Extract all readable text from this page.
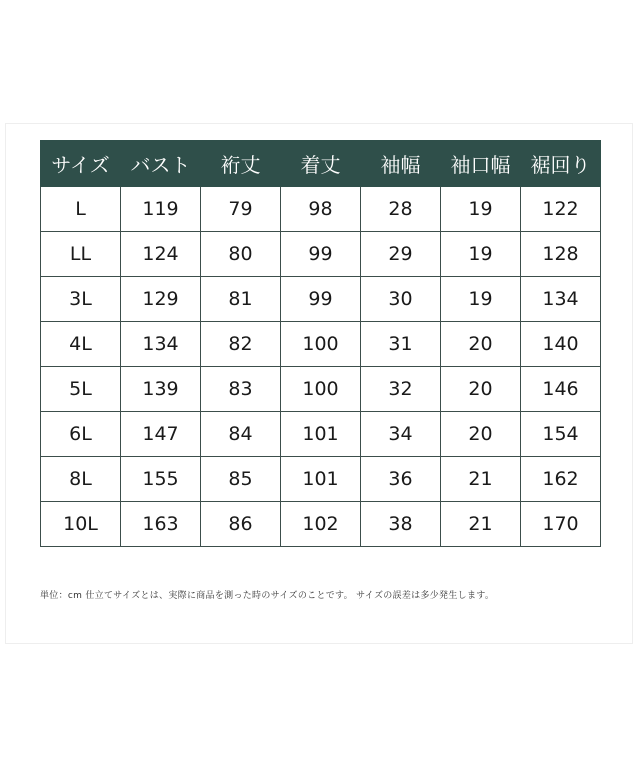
サイズ	バスト	裄丈	着丈	袖幅	袖口幅	裾回り
L	119	79	98	28	19	122
LL	124	80	99	29	19	128
3L	129	81	99	30	19	134
4L	134	82	100	31	20	140
5L	139	83	100	32	20	146
6L	147	84	101	34	20	154
8L	155	85	101	36	21	162
10L	163	86	102	38	21	170
単位：cm 仕立てサイズとは、実際に商品を測った時のサイズのことです。 サイズの誤差は多少発生します。
